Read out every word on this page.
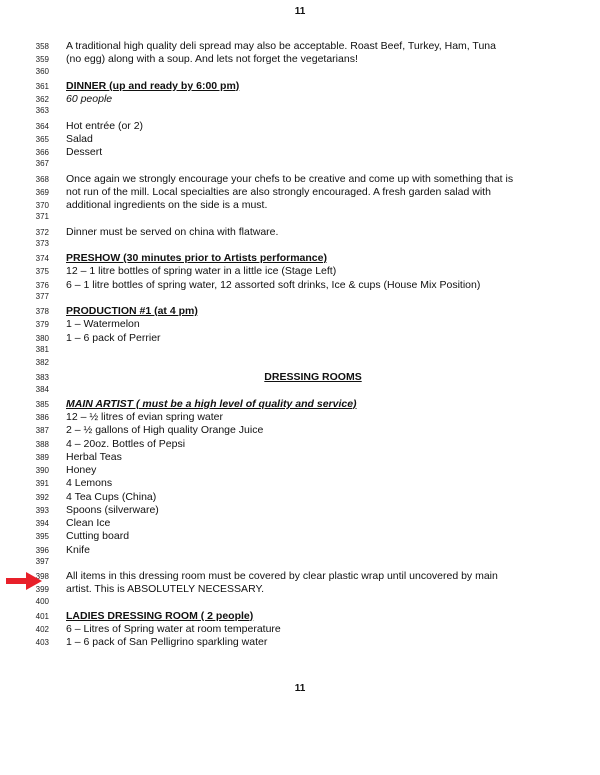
11

358	A traditional high quality deli spread may also be acceptable. Roast Beef, Turkey, Ham, Tuna
359	(no egg) along with a soup. And lets not forget the vegetarians!
360
361	DINNER (up and ready by 6:00 pm)
362	60 people
363
364	Hot entrée (or 2)
365	Salad
366	Dessert
367
368	Once again we strongly encourage your chefs to be creative and come up with something that is
369	not run of the mill. Local specialties are also strongly encouraged. A fresh garden salad with
370	additional ingredients on the side is a must.
371
372	Dinner must be served on china with flatware.
373
374	PRESHOW (30 minutes prior to Artists performance)
375	12 – 1 litre bottles of spring water in a little ice (Stage Left)
376	6 – 1 litre bottles of spring water, 12 assorted soft drinks, Ice & cups (House Mix Position)
377
378	PRODUCTION #1 (at 4 pm)
379	1 – Watermelon
380	1 – 6 pack of Perrier
381
382
383	DRESSING ROOMS
384
385	MAIN ARTIST ( must be a high level of quality and service)
386	12 – ½ litres of evian spring water
387	2 – ½ gallons of High quality Orange Juice
388	4 – 20oz. Bottles of Pepsi
389	Herbal Teas
390	Honey
391	4 Lemons
392	4 Tea Cups (China)
393	Spoons (silverware)
394	Clean Ice
395	Cutting board
396	Knife
397
398	All items in this dressing room must be covered by clear plastic wrap until uncovered by main
399	artist. This is ABSOLUTELY NECESSARY.
400
401	LADIES DRESSING ROOM ( 2 people)
402	6 – Litres of Spring water at room temperature
403	1 – 6 pack of San Pelligrino sparkling water

11
